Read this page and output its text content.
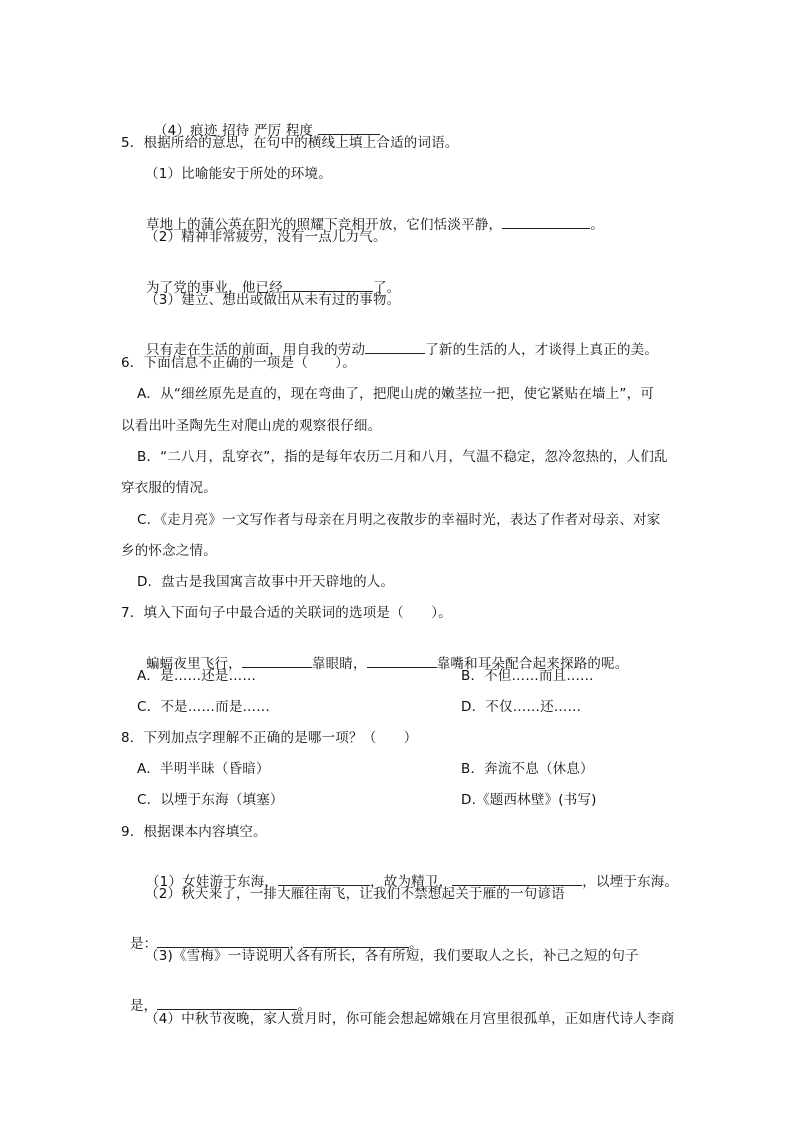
（4）痕迹 招待 严厉 程度

5．根据所给的意思，在句中的横线上填上合适的词语。
（1）比喻能安于所处的环境。

草地上的蒲公英在阳光的照耀下竞相开放，它们恬淡平静，	。

（2）精神非常疲劳，没有一点儿力气。

为了党的事业，他已经	了。

（3）建立、想出或做出从未有过的事物。

只有走在生活的前面，用自我的劳动	了新的生活的人，才谈得上真正的美。

6．下面信息不正确的一项是（　　）。
A．从“细丝原先是直的，现在弯曲了，把爬山虎的嫩茎拉一把，使它紧贴在墙上”，可
以看出叶圣陶先生对爬山虎的观察很仔细。
B．“二八月，乱穿衣”，指的是每年农历二月和八月，气温不稳定，忽冷忽热的，人们乱
穿衣服的情况。
C．《走月亮》一文写作者与母亲在月明之夜散步的幸福时光，表达了作者对母亲、对家
乡的怀念之情。
D．盘古是我国寓言故事中开天辟地的人。
7．填入下面句子中最合适的关联词的选项是（　　）。

蝙蝠夜里飞行，	靠眼睛，	靠嘴和耳朵配合起来探路的呢。

A．是……还是……	B．不但……而且……
C．不是……而是……	D．不仅……还……
8．下列加点字理解不正确的是哪一项？（　　）
A．半明半昧（昏暗）	B．奔流不息（休息）
C．以堙于东海（填塞）	D.《题西林壁》(书写)
9．根据课本内容填空。

（1）女娃游于东海，	，故为精卫，	，以堙于东海。

（2）秋天来了，一排大雁往南飞，让我们不禁想起关于雁的一句谚语

是：	，	。

（3)《雪梅》一诗说明人各有所长，各有所短，我们要取人之长，补己之短的句子

是，	。

（4）中秋节夜晚，家人赏月时，你可能会想起嫦娥在月宫里很孤单，正如唐代诗人李商
